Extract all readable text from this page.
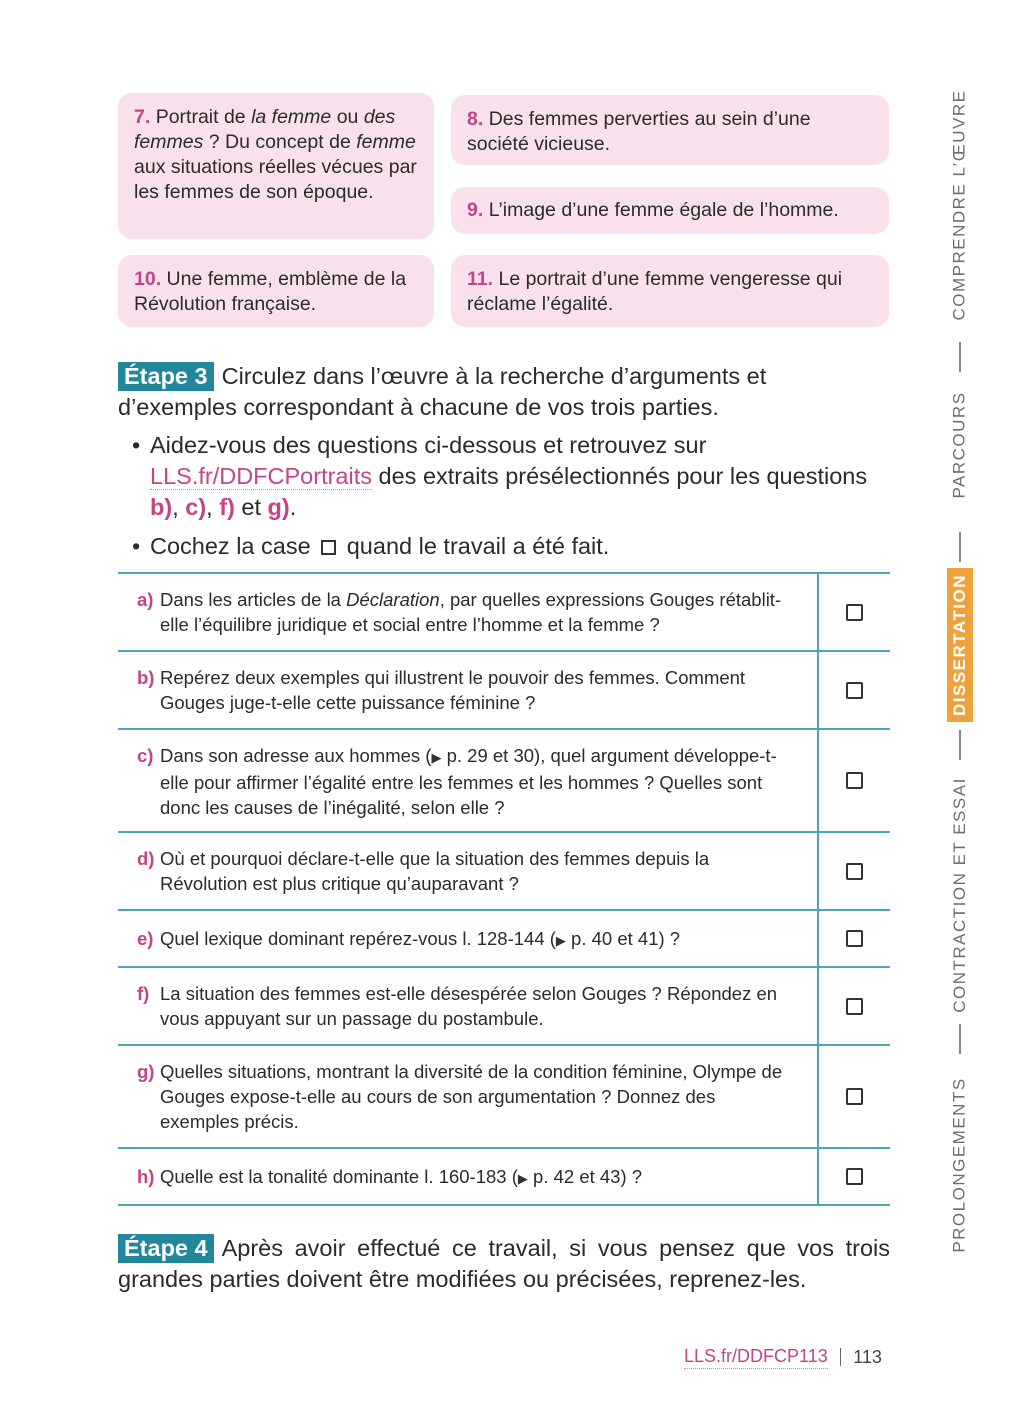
7. Portrait de la femme ou des femmes ? Du concept de femme aux situations réelles vécues par les femmes de son époque.
8. Des femmes perverties au sein d’une société vicieuse.
9. L’image d’une femme égale de l’homme.
10. Une femme, emblème de la Révolution française.
11. Le portrait d’une femme vengeresse qui réclame l’égalité.
Étape 3 Circulez dans l’œuvre à la recherche d’arguments et d’exemples correspondant à chacune de vos trois parties.
• Aidez-vous des questions ci-dessous et retrouvez sur LLS.fr/DDFCPortraits des extraits présélectionnés pour les questions b), c), f) et g).
• Cochez la case quand le travail a été fait.
a) Dans les articles de la Déclaration, par quelles expressions Gouges rétablit-elle l’équilibre juridique et social entre l’homme et la femme ?
b) Repérez deux exemples qui illustrent le pouvoir des femmes. Comment Gouges juge-t-elle cette puissance féminine ?
c) Dans son adresse aux hommes (▶ p. 29 et 30), quel argument développe-t-elle pour affirmer l’égalité entre les femmes et les hommes ? Quelles sont donc les causes de l’inégalité, selon elle ?
d) Où et pourquoi déclare-t-elle que la situation des femmes depuis la Révolution est plus critique qu’auparavant ?
e) Quel lexique dominant repérez-vous l. 128-144 (▶ p. 40 et 41) ?
f) La situation des femmes est-elle désespérée selon Gouges ? Répondez en vous appuyant sur un passage du postambule.
g) Quelles situations, montrant la diversité de la condition féminine, Olympe de Gouges expose-t-elle au cours de son argumentation ? Donnez des exemples précis.
h) Quelle est la tonalité dominante l. 160-183 (▶ p. 42 et 43) ?
Étape 4 Après avoir effectué ce travail, si vous pensez que vos trois grandes parties doivent être modifiées ou précisées, reprenez-les.
COMPRENDRE L’ŒUVRE
PARCOURS
DISSERTATION
CONTRACTION ET ESSAI
PROLONGEMENTS
LLS.fr/DDFCP113 113
